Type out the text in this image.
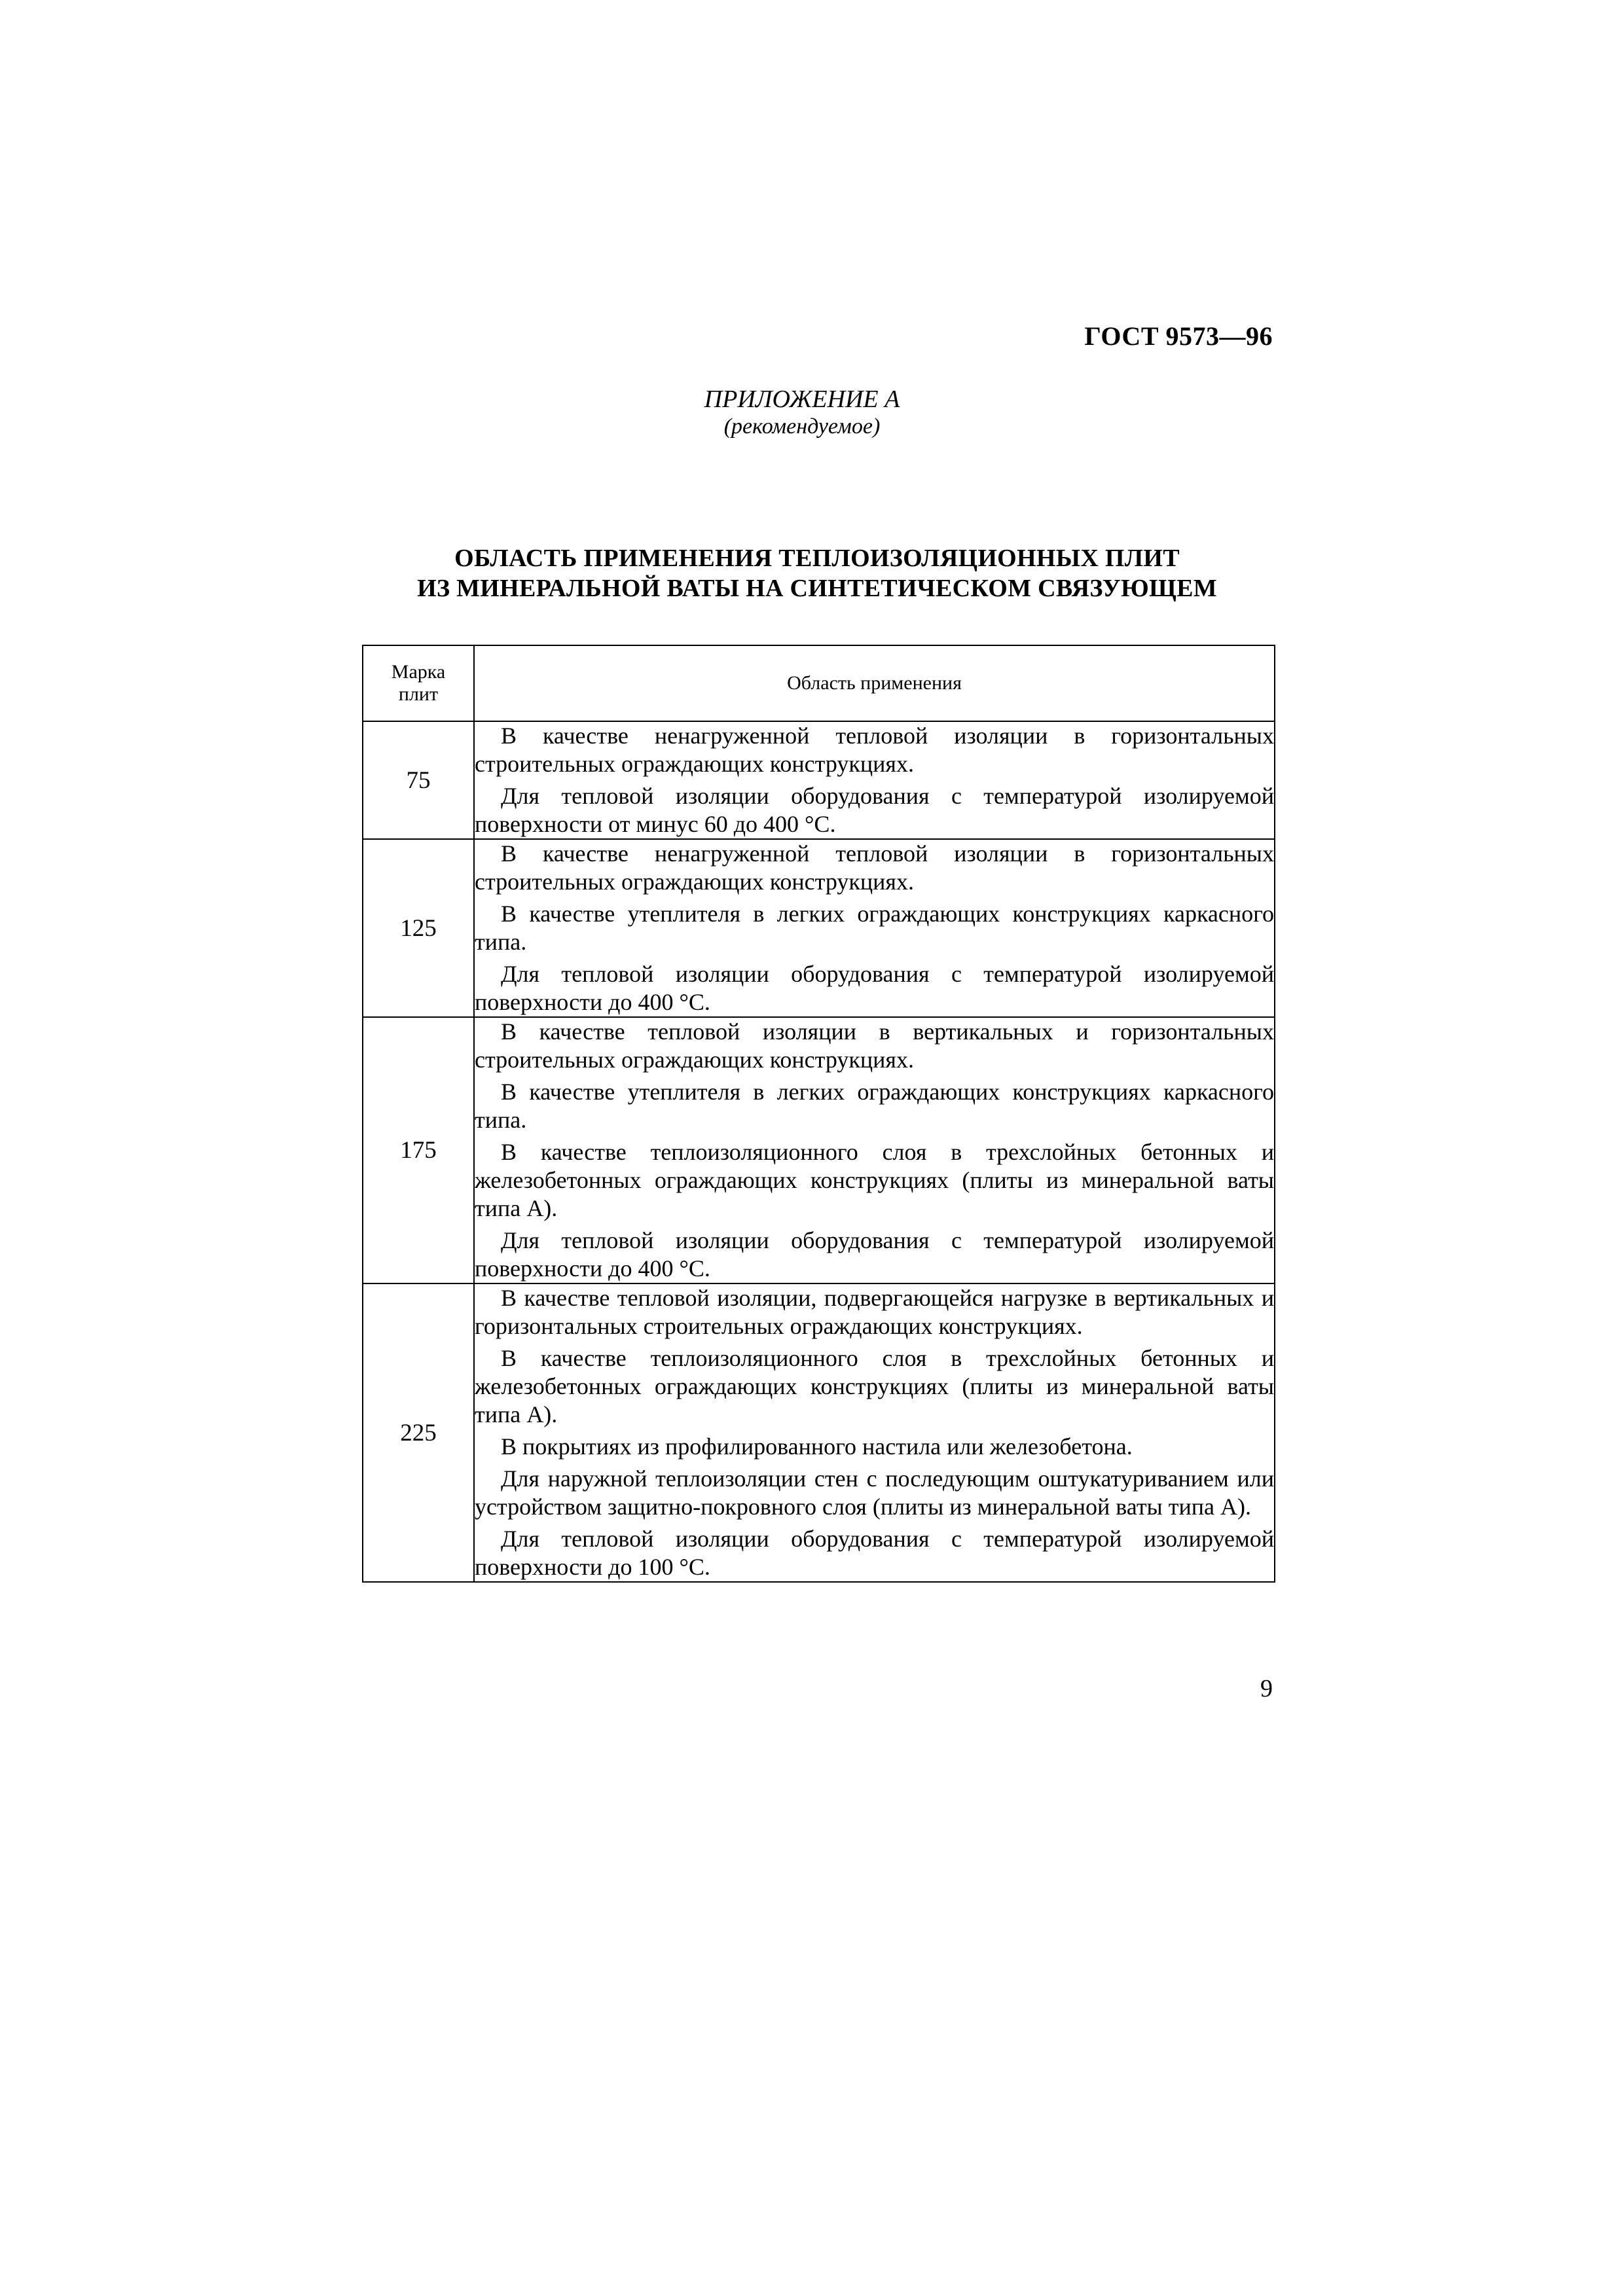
ГОСТ 9573—96
ПРИЛОЖЕНИЕ А
(рекомендуемое)
ОБЛАСТЬ ПРИМЕНЕНИЯ ТЕПЛОИЗОЛЯЦИОННЫХ ПЛИТ
ИЗ МИНЕРАЛЬНОЙ ВАТЫ НА СИНТЕТИЧЕСКОМ СВЯЗУЮЩЕМ
Марка
плит	Область применения
75	В качестве ненагруженной тепловой изоляции в горизонтальных строительных ограждающих конструкциях.

Для тепловой изоляции оборудования с температурой изолируемой поверхности от минус 60 до 400 °С.

125	В качестве ненагруженной тепловой изоляции в горизонтальных строительных ограждающих конструкциях.

В качестве утеплителя в легких ограждающих конструкциях каркасного типа.

Для тепловой изоляции оборудования с температурой изолируемой поверхности до 400 °С.

175	В качестве тепловой изоляции в вертикальных и горизонтальных строительных ограждающих конструкциях.

В качестве утеплителя в легких ограждающих конструкциях каркасного типа.

В качестве теплоизоляционного слоя в трехслойных бетонных и железобетонных ограждающих конструкциях (плиты из минеральной ваты типа А).

Для тепловой изоляции оборудования с температурой изолируемой поверхности до 400 °С.

225	В качестве тепловой изоляции, подвергающейся нагрузке в вертикальных и горизонтальных строительных ограждающих конструкциях.

В качестве теплоизоляционного слоя в трехслойных бетонных и железобетонных ограждающих конструкциях (плиты из минеральной ваты типа А).

В покрытиях из профилированного настила или железобетона.

Для наружной теплоизоляции стен с последующим оштукатуриванием или устройством защитно-покровного слоя (плиты из минеральной ваты типа А).

Для тепловой изоляции оборудования с температурой изолируемой поверхности до 100 °С.

9
